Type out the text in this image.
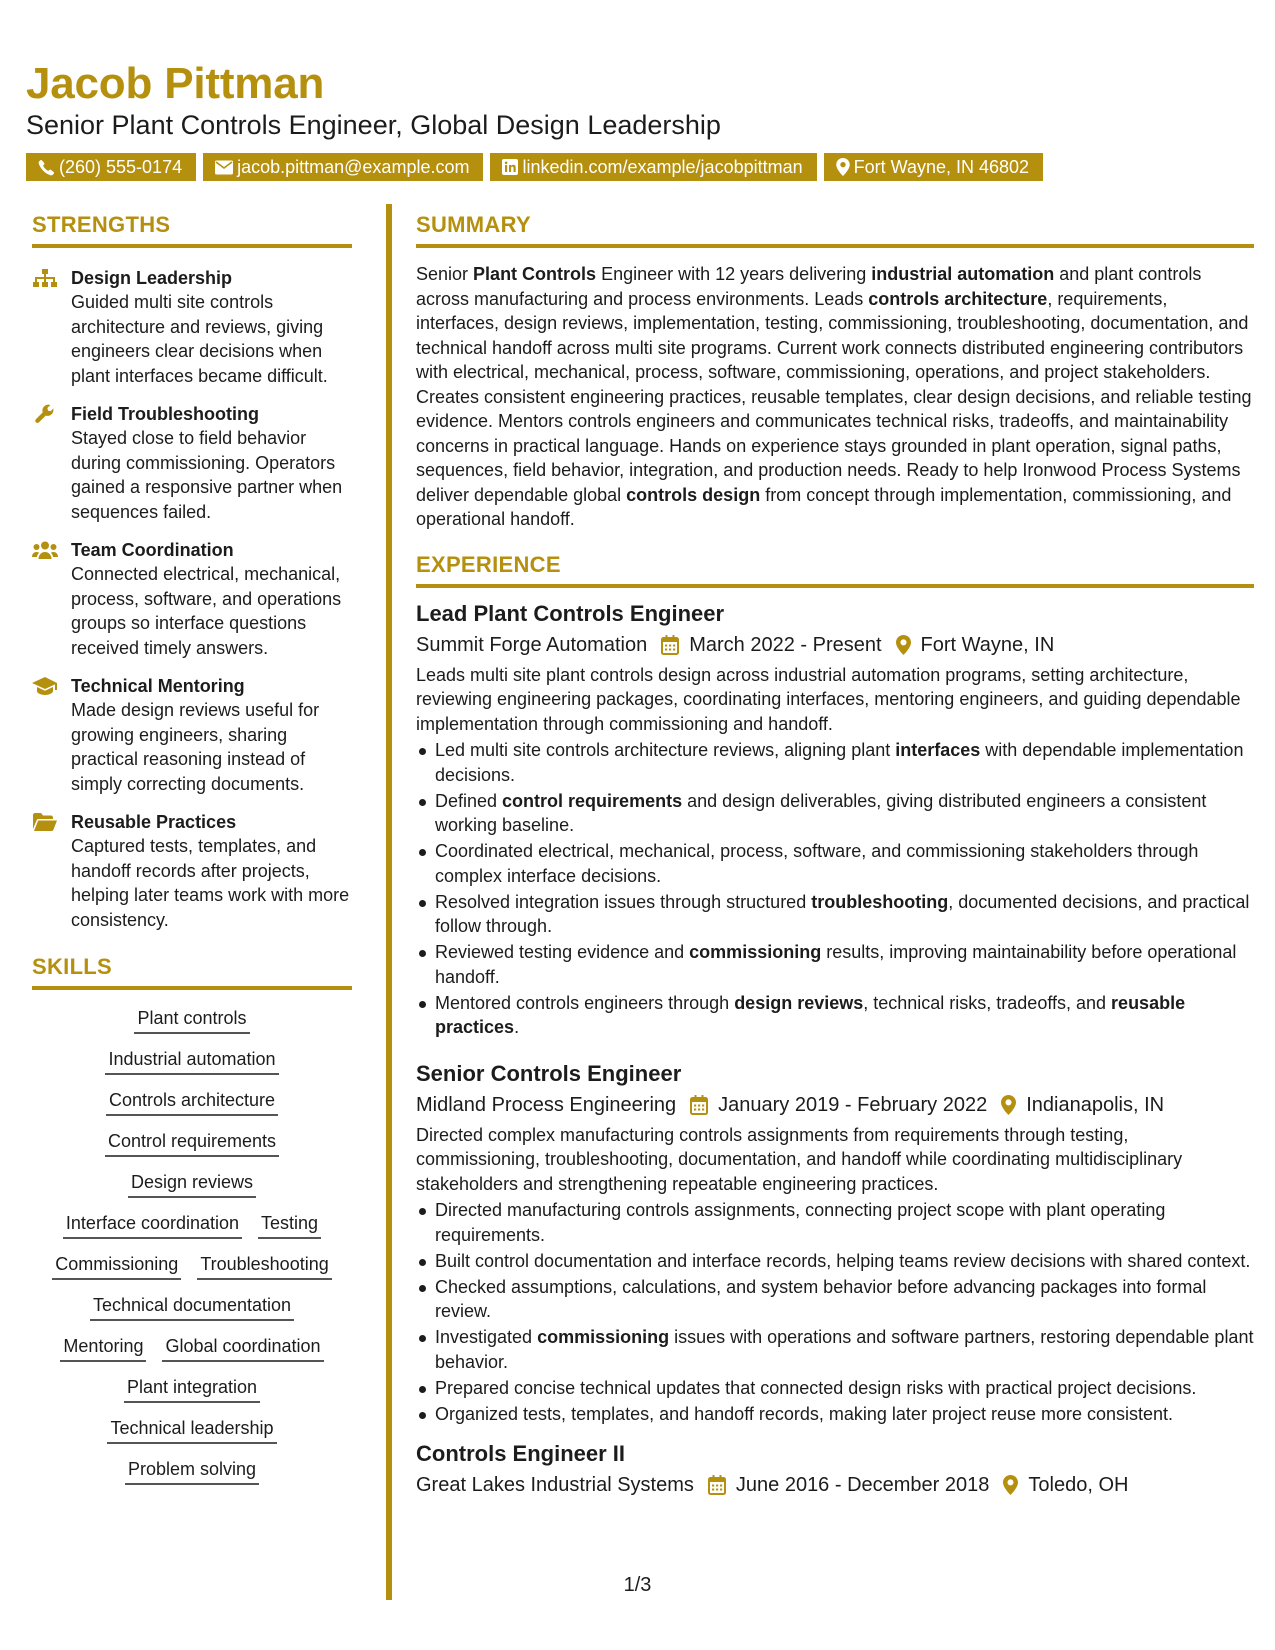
Jacob Pittman
Senior Plant Controls Engineer, Global Design Leadership
(260) 555-0174	jacob.pittman@example.com	linkedin.com/example/jacobpittman	Fort Wayne, IN 46802
STRENGTHS
Design Leadership
Guided multi site controls architecture and reviews, giving engineers clear decisions when plant interfaces became difficult.
Field Troubleshooting
Stayed close to field behavior during commissioning. Operators gained a responsive partner when sequences failed.
Team Coordination
Connected electrical, mechanical, process, software, and operations groups so interface questions received timely answers.
Technical Mentoring
Made design reviews useful for growing engineers, sharing practical reasoning instead of simply correcting documents.
Reusable Practices
Captured tests, templates, and handoff records after projects, helping later teams work with more consistency.
SKILLS
Plant controls
Industrial automation
Controls architecture
Control requirements
Design reviews
Interface coordination Testing
Commissioning Troubleshooting
Technical documentation
Mentoring Global coordination
Plant integration
Technical leadership
Problem solving
SUMMARY
Senior Plant Controls Engineer with 12 years delivering industrial automation and plant controls across manufacturing and process environments. Leads controls architecture, requirements, interfaces, design reviews, implementation, testing, commissioning, troubleshooting, documentation, and technical handoff across multi site programs. Current work connects distributed engineering contributors with electrical, mechanical, process, software, commissioning, operations, and project stakeholders. Creates consistent engineering practices, reusable templates, clear design decisions, and reliable testing evidence. Mentors controls engineers and communicates technical risks, tradeoffs, and maintainability concerns in practical language. Hands on experience stays grounded in plant operation, signal paths, sequences, field behavior, integration, and production needs. Ready to help Ironwood Process Systems deliver dependable global controls design from concept through implementation, commissioning, and operational handoff.
EXPERIENCE
Lead Plant Controls Engineer
Summit Forge Automation March 2022 - Present Fort Wayne, IN
Leads multi site plant controls design across industrial automation programs, setting architecture, reviewing engineering packages, coordinating interfaces, mentoring engineers, and guiding dependable implementation through commissioning and handoff.
Led multi site controls architecture reviews, aligning plant interfaces with dependable implementation decisions.
Defined control requirements and design deliverables, giving distributed engineers a consistent working baseline.
Coordinated electrical, mechanical, process, software, and commissioning stakeholders through complex interface decisions.
Resolved integration issues through structured troubleshooting, documented decisions, and practical follow through.
Reviewed testing evidence and commissioning results, improving maintainability before operational handoff.
Mentored controls engineers through design reviews, technical risks, tradeoffs, and reusable practices.
Senior Controls Engineer
Midland Process Engineering January 2019 - February 2022 Indianapolis, IN
Directed complex manufacturing controls assignments from requirements through testing, commissioning, troubleshooting, documentation, and handoff while coordinating multidisciplinary stakeholders and strengthening repeatable engineering practices.
Directed manufacturing controls assignments, connecting project scope with plant operating requirements.
Built control documentation and interface records, helping teams review decisions with shared context.
Checked assumptions, calculations, and system behavior before advancing packages into formal review.
Investigated commissioning issues with operations and software partners, restoring dependable plant behavior.
Prepared concise technical updates that connected design risks with practical project decisions.
Organized tests, templates, and handoff records, making later project reuse more consistent.
Controls Engineer II
Great Lakes Industrial Systems June 2016 - December 2018 Toledo, OH
1/3
